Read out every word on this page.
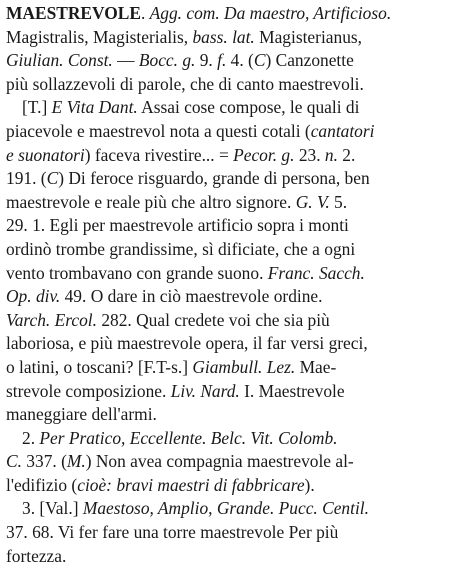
MAESTREVOLE. Agg. com. Da maestro, Artificioso.
Magistralis, Magisterialis, bass. lat. Magisterianus,
Giulian. Const. — Bocc. g. 9. f. 4. (C) Canzonette
più sollazzevoli di parole, che di canto maestrevoli.
[T.] E Vita Dant. Assai cose compose, le quali di
piacevole e maestrevol nota a questi cotali (cantatori
e suonatori) faceva rivestire... = Pecor. g. 23. n. 2.
191. (C) Di feroce risguardo, grande di persona, ben
maestrevole e reale più che altro signore. G. V. 5.
29. 1. Egli per maestrevole artificio sopra i monti
ordinò trombe grandissime, sì dificiate, che a ogni
vento trombavano con grande suono. Franc. Sacch.
Op. div. 49. O dare in ciò maestrevole ordine.
Varch. Ercol. 282. Qual credete voi che sia più
laboriosa, e più maestrevole opera, il far versi greci,
o latini, o toscani? [F.T-s.] Giambull. Lez. Mae-
strevole composizione. Liv. Nard. I. Maestrevole
maneggiare dell'armi.
2. Per Pratico, Eccellente. Belc. Vit. Colomb.
C. 337. (M.) Non avea compagnia maestrevole al-
l'edifizio (cioè: bravi maestri di fabbricare).
3. [Val.] Maestoso, Amplio, Grande. Pucc. Centil.
37. 68. Vi fer fare una torre maestrevole Per più
fortezza.
